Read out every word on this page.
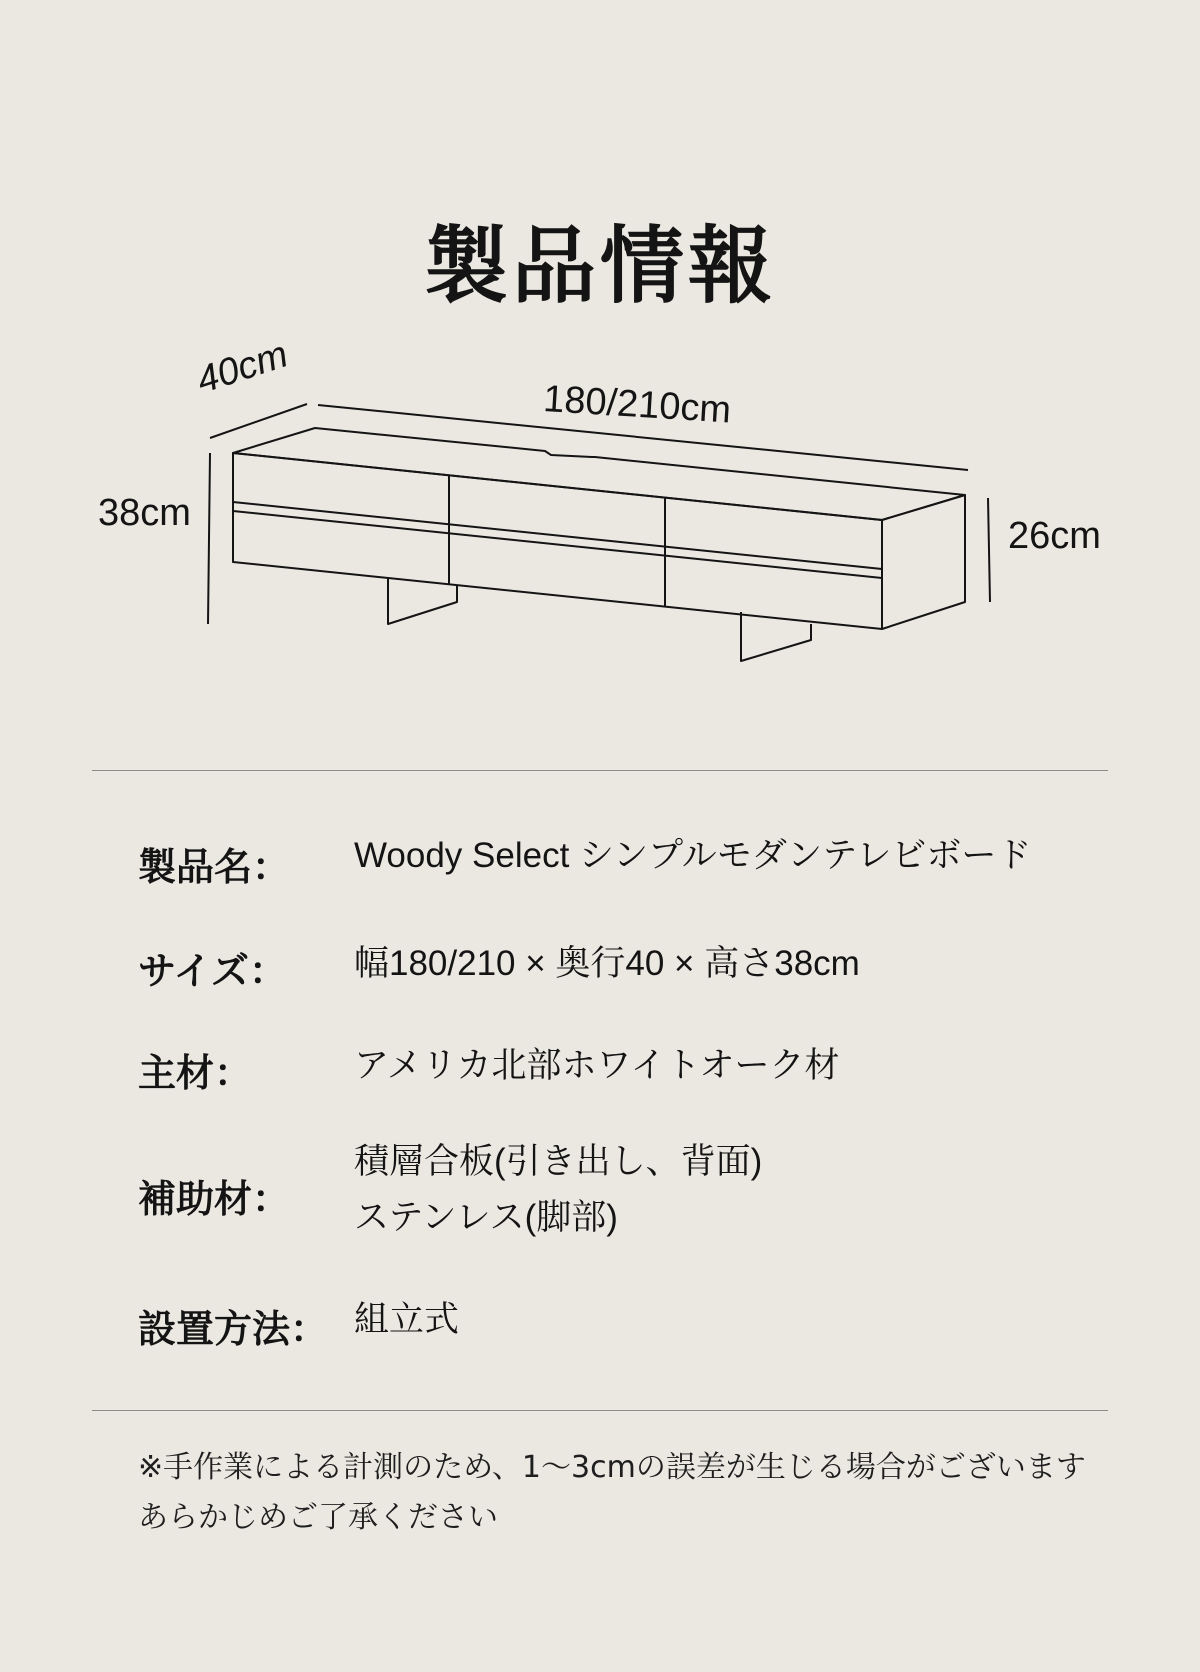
製品情報
40cm
180/210cm
38cm
26cm
製品名： Woody Select シンプルモダンテレビボード
サイズ： 幅180/210 × 奥行40 × 高さ38cm
主材：	アメリカ北部ホワイトオーク材
補助材：
積層合板(引き出し、背面)
ステンレス(脚部)
設置方法： 組立式
※手作業による計測のため、1〜3cmの誤差が生じる場合がございます
あらかじめご了承ください
